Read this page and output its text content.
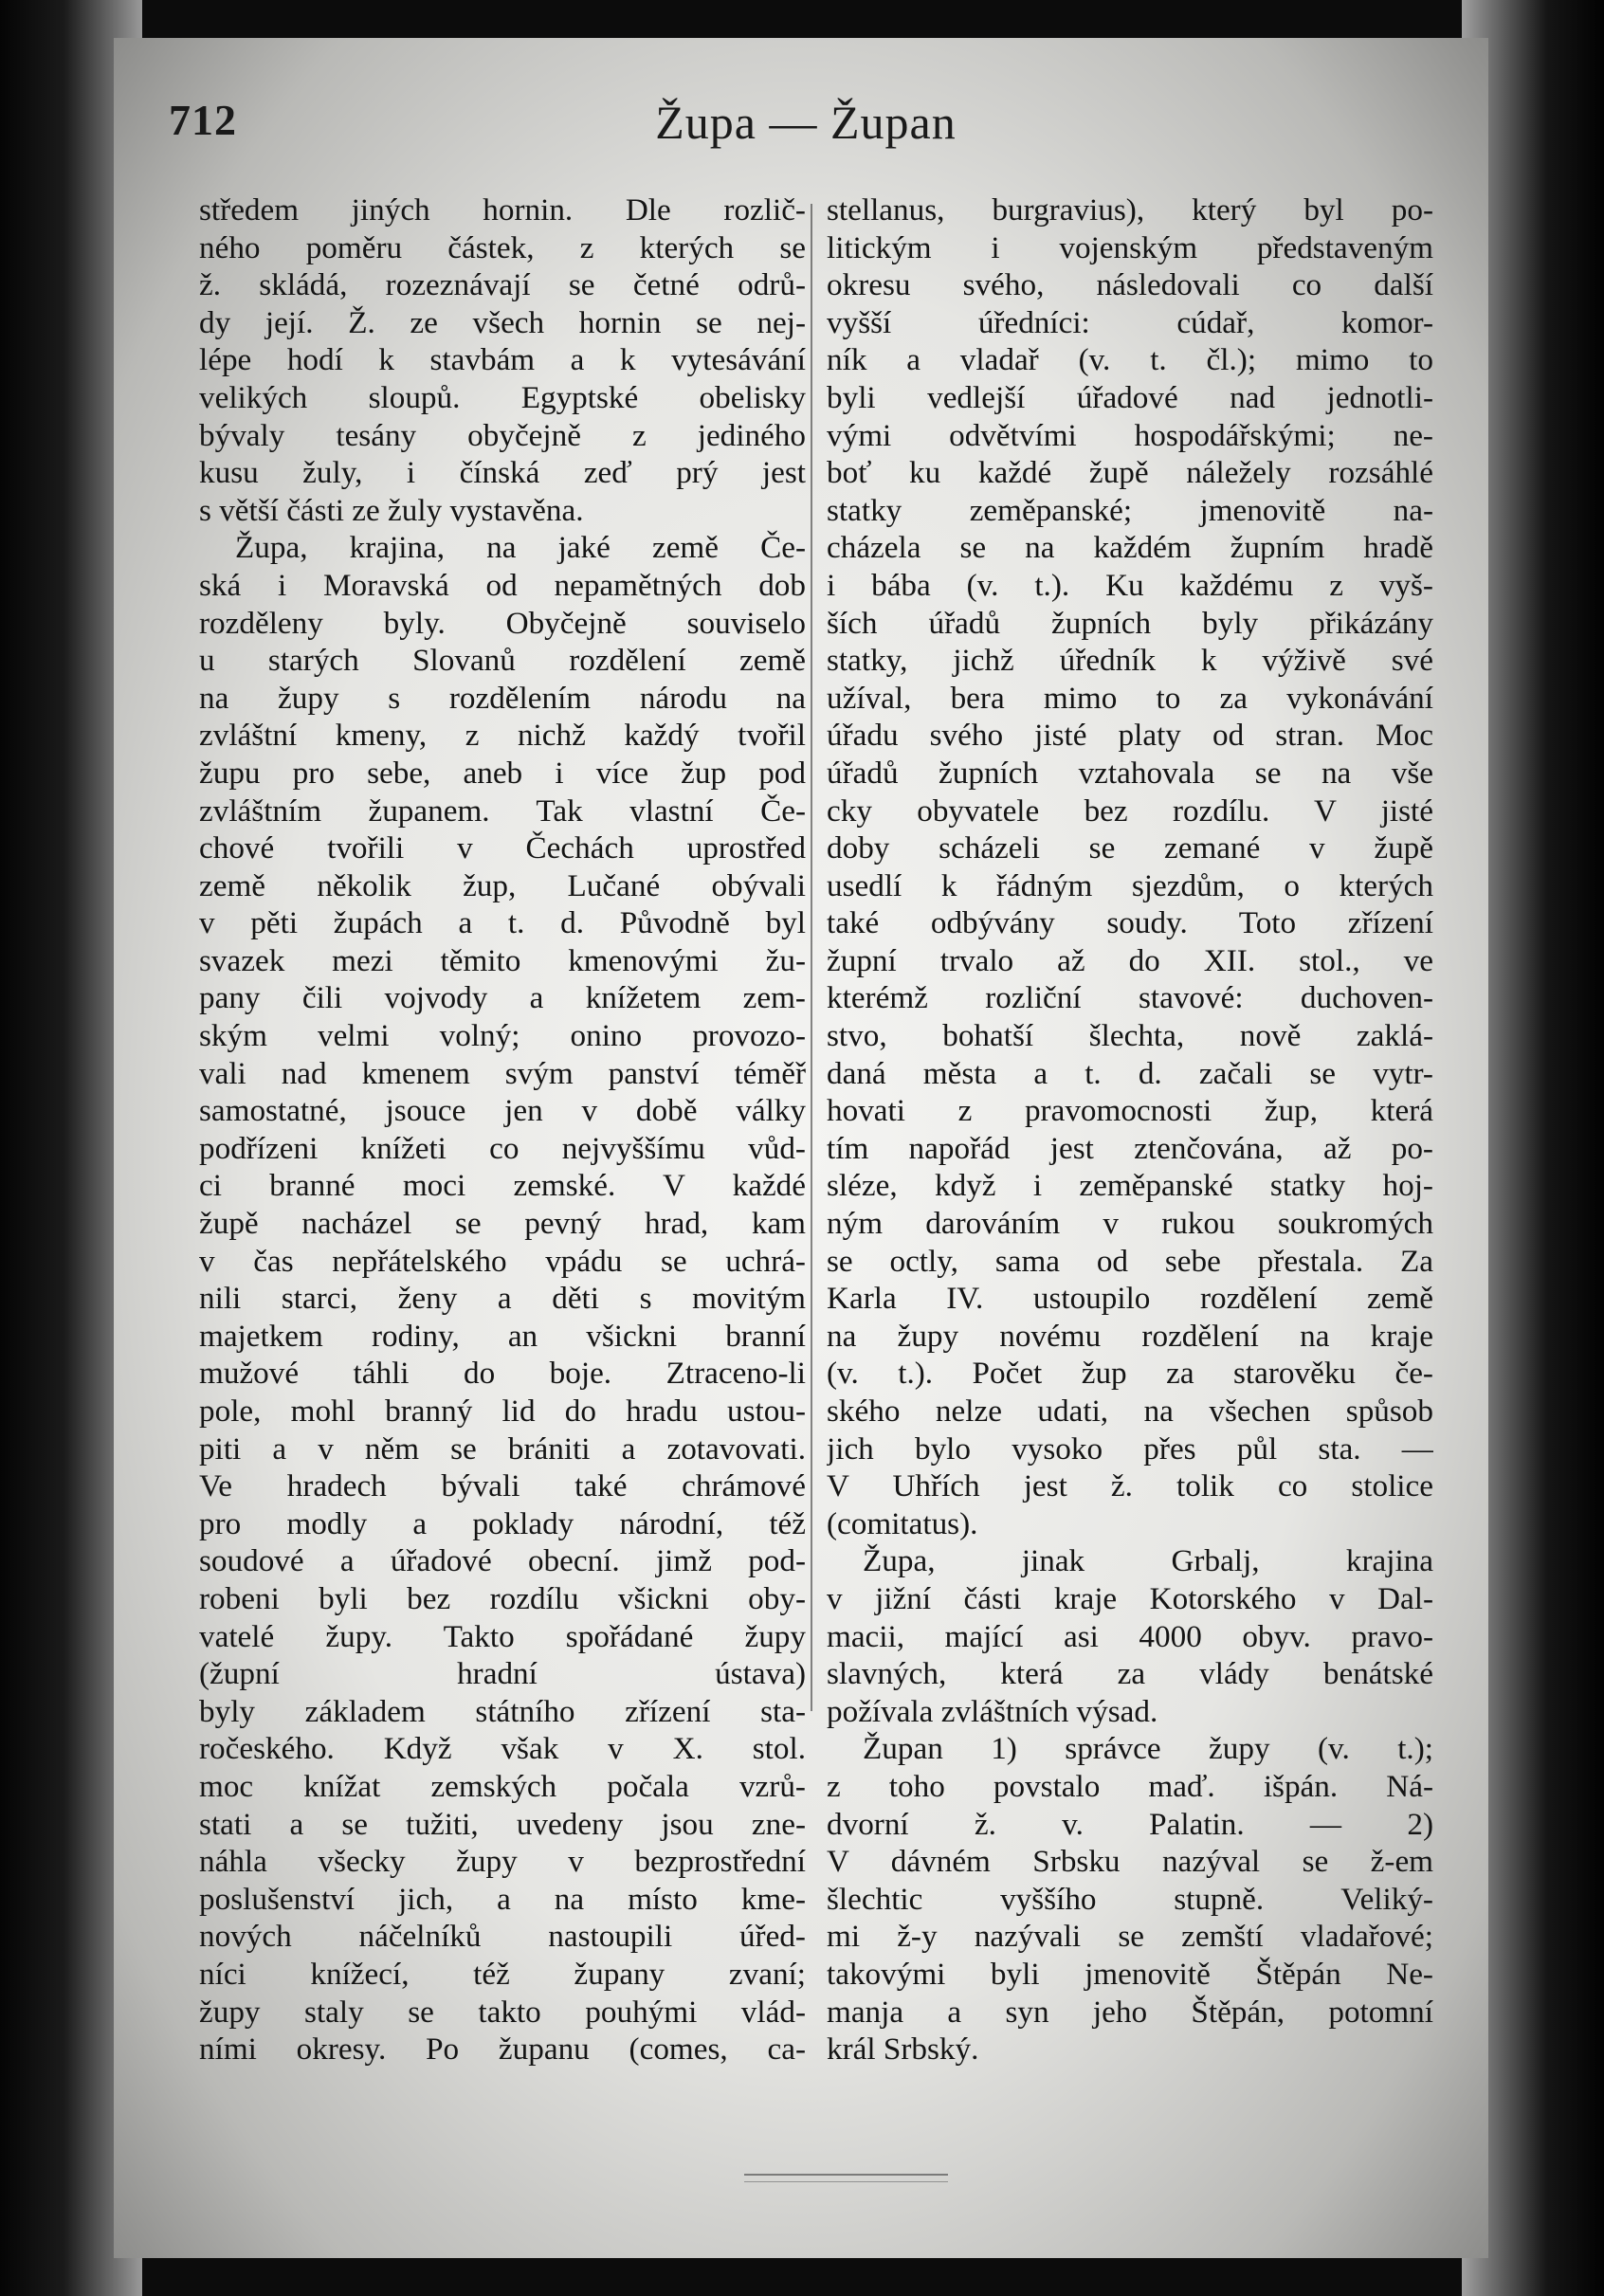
712	Župa — Župan
středem jiných hornin. Dle rozlič-
ného poměru částek, z kterých se
ž. skládá, rozeznávají se četné odrů-
dy její. Ž. ze všech hornin se nej-
lépe hodí k stavbám a k vytesávání
velikých sloupů. Egyptské obelisky
bývaly tesány obyčejně z jediného
kusu žuly, i čínská zeď prý jest
s větší části ze žuly vystavěna.
Župa, krajina, na jaké země Če-
ská i Moravská od nepamětných dob
rozděleny byly. Obyčejně souviselo
u starých Slovanů rozdělení země
na župy s rozdělením národu na
zvláštní kmeny, z nichž každý tvořil
župu pro sebe, aneb i více žup pod
zvláštním županem. Tak vlastní Če-
chové tvořili v Čechách uprostřed
země několik žup, Lučané obývali
v pěti župách a t. d. Původně byl
svazek mezi těmito kmenovými žu-
pany čili vojvody a knížetem zem-
ským velmi volný; onino provozo-
vali nad kmenem svým panství téměř
samostatné, jsouce jen v době války
podřízeni knížeti co nejvyššímu vůd-
ci branné moci zemské. V každé
župě nacházel se pevný hrad, kam
v čas nepřátelského vpádu se uchrá-
nili starci, ženy a děti s movitým
majetkem rodiny, an všickni branní
mužové táhli do boje. Ztraceno-li
pole, mohl branný lid do hradu ustou-
piti a v něm se brániti a zotavovati.
Ve hradech bývali také chrámové
pro modly a poklady národní, též
soudové a úřadové obecní. jimž pod-
robeni byli bez rozdílu všickni oby-
vatelé župy. Takto spořádané župy
(župní hradní ústava)
byly základem státního zřízení sta-
ročeského. Když však v X. stol.
moc knížat zemských počala vzrů-
stati a se tužiti, uvedeny jsou zne-
náhla všecky župy v bezprostřední
poslušenství jich, a na místo kme-
nových náčelníků nastoupili úřed-
níci knížecí, též župany zvaní;
župy staly se takto pouhými vlád-
ními okresy. Po županu (comes, ca-
stellanus, burgravius), který byl po-
litickým i vojenským představeným
okresu svého, následovali co další
vyšší úředníci: cúdař, komor-
ník a vladař (v. t. čl.); mimo to
byli vedlejší úřadové nad jednotli-
vými odvětvími hospodářskými; ne-
boť ku každé župě náležely rozsáhlé
statky zeměpanské; jmenovitě na-
cházela se na každém župním hradě
i bába (v. t.). Ku každému z vyš-
ších úřadů župních byly přikázány
statky, jichž úředník k výživě své
užíval, bera mimo to za vykonávání
úřadu svého jisté platy od stran. Moc
úřadů župních vztahovala se na vše
cky obyvatele bez rozdílu. V jisté
doby scházeli se zemané v župě
usedlí k řádným sjezdům, o kterých
také odbývány soudy. Toto zřízení
župní trvalo až do XII. stol., ve
kterémž rozliční stavové: duchoven-
stvo, bohatší šlechta, nově zaklá-
daná města a t. d. začali se vytr-
hovati z pravomocnosti žup, která
tím napořád jest ztenčována, až po-
sléze, když i zeměpanské statky hoj-
ným darováním v rukou soukromých
se octly, sama od sebe přestala. Za
Karla IV. ustoupilo rozdělení země
na župy novému rozdělení na kraje
(v. t.). Počet žup za starověku če-
ského nelze udati, na všechen spůsob
jich bylo vysoko přes půl sta. —
V Uhřích jest ž. tolik co stolice
(comitatus).
Župa, jinak Grbalj, krajina
v jižní části kraje Kotorského v Dal-
macii, mající asi 4000 obyv. pravo-
slavných, která za vlády benátské
požívala zvláštních výsad.
Župan 1) správce župy (v. t.);
z toho povstalo maď. išpán. Ná-
dvorní ž. v. Palatin. — 2)
V dávném Srbsku nazýval se ž-em
šlechtic vyššího stupně. Veliký-
mi ž-y nazývali se zemští vladařové;
takovými byli jmenovitě Štěpán Ne-
manja a syn jeho Štěpán, potomní
král Srbský.
